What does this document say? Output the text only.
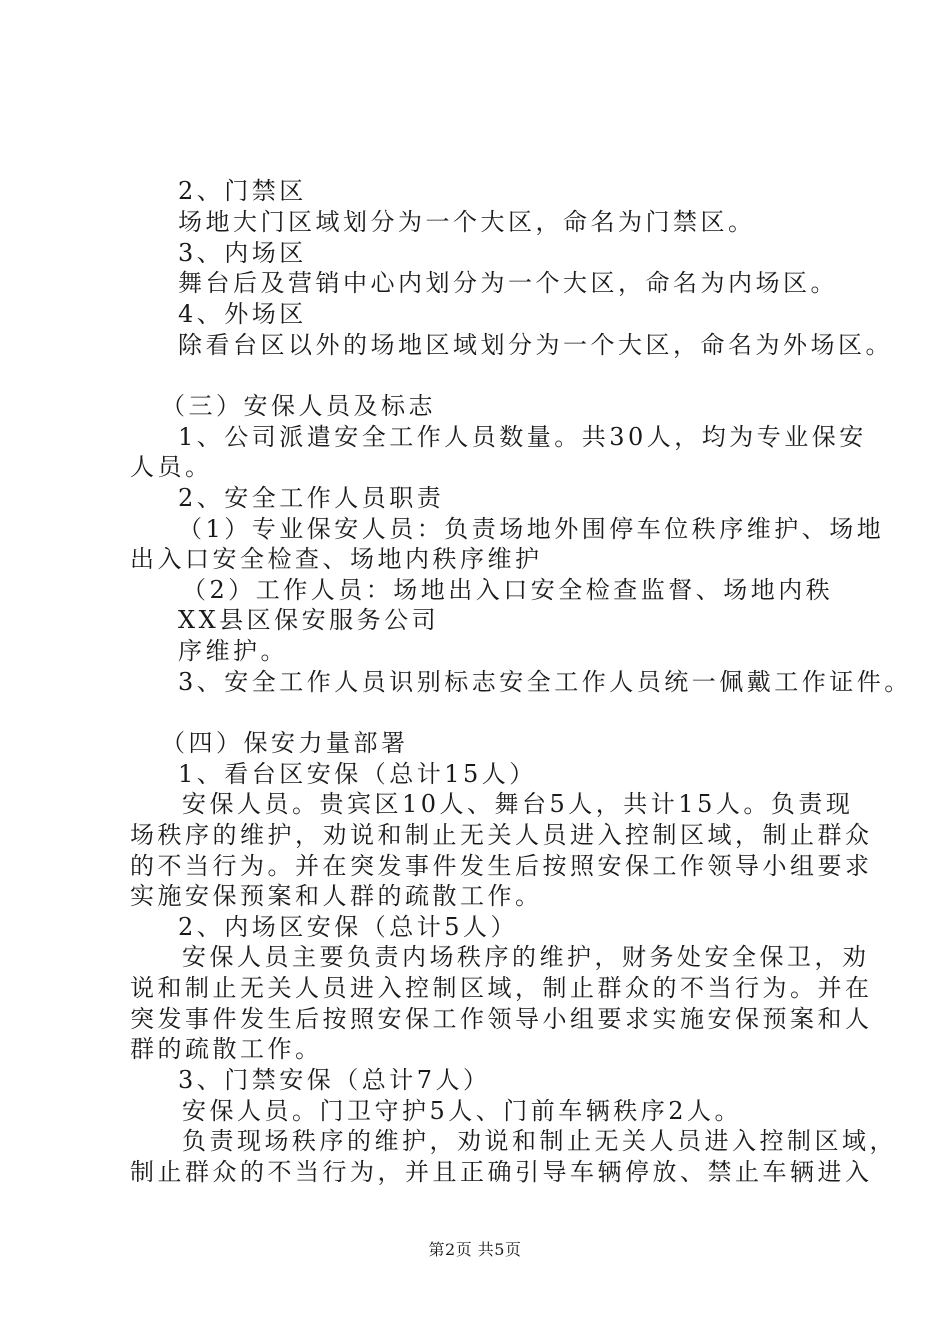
2、门禁区
场地大门区域划分为一个大区，命名为门禁区。
3、内场区
舞台后及营销中心内划分为一个大区，命名为内场区。
4、外场区
除看台区以外的场地区域划分为一个大区，命名为外场区。
（三）安保人员及标志
1、公司派遣安全工作人员数量。共30人，均为专业保安
人员。
2、安全工作人员职责
（1）专业保安人员：负责场地外围停车位秩序维护、场地
出入口安全检查、场地内秩序维护
（2）工作人员：场地出入口安全检查监督、场地内秩
XX县区保安服务公司
序维护。
3、安全工作人员识别标志安全工作人员统一佩戴工作证件。
（四）保安力量部署
1、看台区安保（总计15人）
安保人员。贵宾区10人、舞台5人，共计15人。负责现
场秩序的维护，劝说和制止无关人员进入控制区域，制止群众
的不当行为。并在突发事件发生后按照安保工作领导小组要求
实施安保预案和人群的疏散工作。
2、内场区安保（总计5人）
安保人员主要负责内场秩序的维护，财务处安全保卫，劝
说和制止无关人员进入控制区域，制止群众的不当行为。并在
突发事件发生后按照安保工作领导小组要求实施安保预案和人
群的疏散工作。
3、门禁安保（总计7人）
安保人员。门卫守护5人、门前车辆秩序2人。
负责现场秩序的维护，劝说和制止无关人员进入控制区域，
制止群众的不当行为，并且正确引导车辆停放、禁止车辆进入
第2页 共5页
